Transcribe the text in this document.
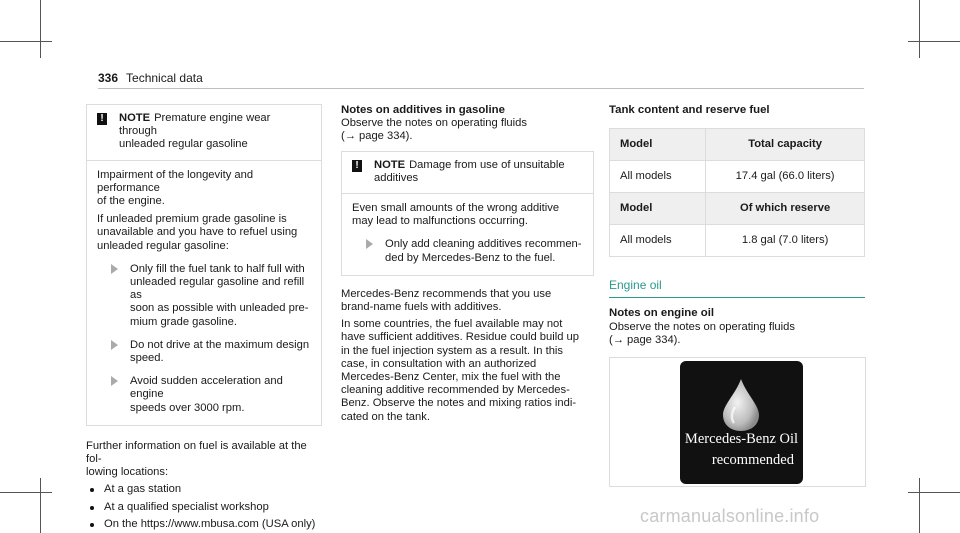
336 Technical data
! NOTE Premature engine wear through
unleaded regular gasoline

Impairment of the longevity and performance
of the engine.

If unleaded premium grade gasoline is
unavailable and you have to refuel using
unleaded regular gasoline:

Only fill the fuel tank to half full with
unleaded regular gasoline and refill as
soon as possible with unleaded pre-
mium grade gasoline.
Do not drive at the maximum design
speed.
Avoid sudden acceleration and engine
speeds over 3000 rpm.

Further information on fuel is available at the fol-
lowing locations:

At a gas station
At a qualified specialist workshop
On the https://www.mbusa.com (USA only)
Notes on additives in gasoline

Observe the notes on operating fluids
(→ page 334).

! NOTE Damage from use of unsuitable
additives

Even small amounts of the wrong additive
may lead to malfunctions occurring.

Only add cleaning additives recommen-
ded by Mercedes-Benz to the fuel.

Mercedes-Benz recommends that you use
brand-name fuels with additives.

In some countries, the fuel available may not
have sufficient additives. Residue could build up
in the fuel injection system as a result. In this
case, in consultation with an authorized
Mercedes-Benz Center, mix the fuel with the
cleaning additive recommended by Mercedes-
Benz. Observe the notes and mixing ratios indi-
cated on the tank.

Tank content and reserve fuel
Model	Total capacity
All models	17.4 gal (66.0 liters)
Model	Of which reserve
All models	1.8 gal (7.0 liters)
Engine oil
Notes on engine oil

Observe the notes on operating fluids
(→ page 334).

Mercedes-Benz Oil
recommended
carmanualsonline.info
